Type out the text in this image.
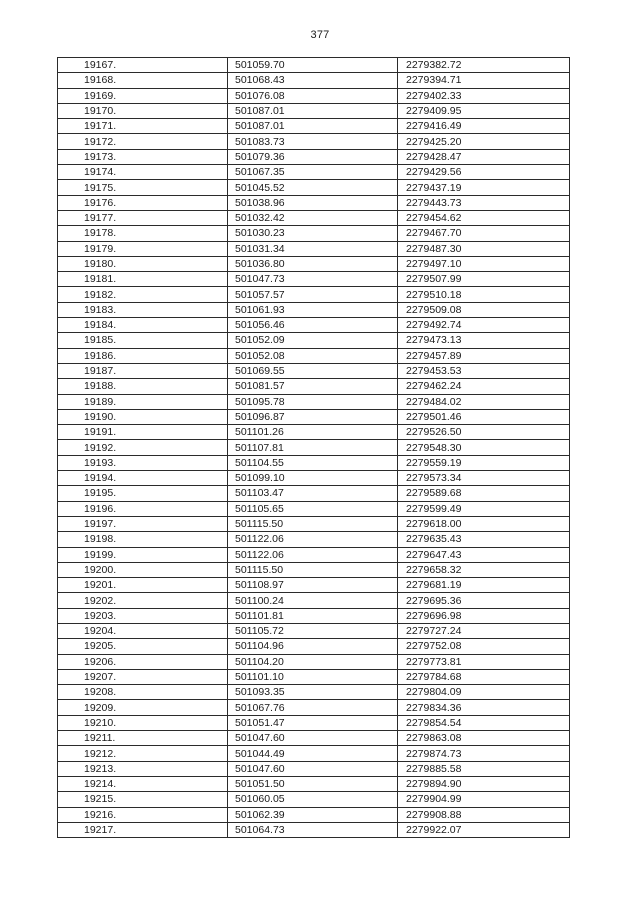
377
19167.	501059.70	2279382.72
19168.	501068.43	2279394.71
19169.	501076.08	2279402.33
19170.	501087.01	2279409.95
19171.	501087.01	2279416.49
19172.	501083.73	2279425.20
19173.	501079.36	2279428.47
19174.	501067.35	2279429.56
19175.	501045.52	2279437.19
19176.	501038.96	2279443.73
19177.	501032.42	2279454.62
19178.	501030.23	2279467.70
19179.	501031.34	2279487.30
19180.	501036.80	2279497.10
19181.	501047.73	2279507.99
19182.	501057.57	2279510.18
19183.	501061.93	2279509.08
19184.	501056.46	2279492.74
19185.	501052.09	2279473.13
19186.	501052.08	2279457.89
19187.	501069.55	2279453.53
19188.	501081.57	2279462.24
19189.	501095.78	2279484.02
19190.	501096.87	2279501.46
19191.	501101.26	2279526.50
19192.	501107.81	2279548.30
19193.	501104.55	2279559.19
19194.	501099.10	2279573.34
19195.	501103.47	2279589.68
19196.	501105.65	2279599.49
19197.	501115.50	2279618.00
19198.	501122.06	2279635.43
19199.	501122.06	2279647.43
19200.	501115.50	2279658.32
19201.	501108.97	2279681.19
19202.	501100.24	2279695.36
19203.	501101.81	2279696.98
19204.	501105.72	2279727.24
19205.	501104.96	2279752.08
19206.	501104.20	2279773.81
19207.	501101.10	2279784.68
19208.	501093.35	2279804.09
19209.	501067.76	2279834.36
19210.	501051.47	2279854.54
19211.	501047.60	2279863.08
19212.	501044.49	2279874.73
19213.	501047.60	2279885.58
19214.	501051.50	2279894.90
19215.	501060.05	2279904.99
19216.	501062.39	2279908.88
19217.	501064.73	2279922.07
